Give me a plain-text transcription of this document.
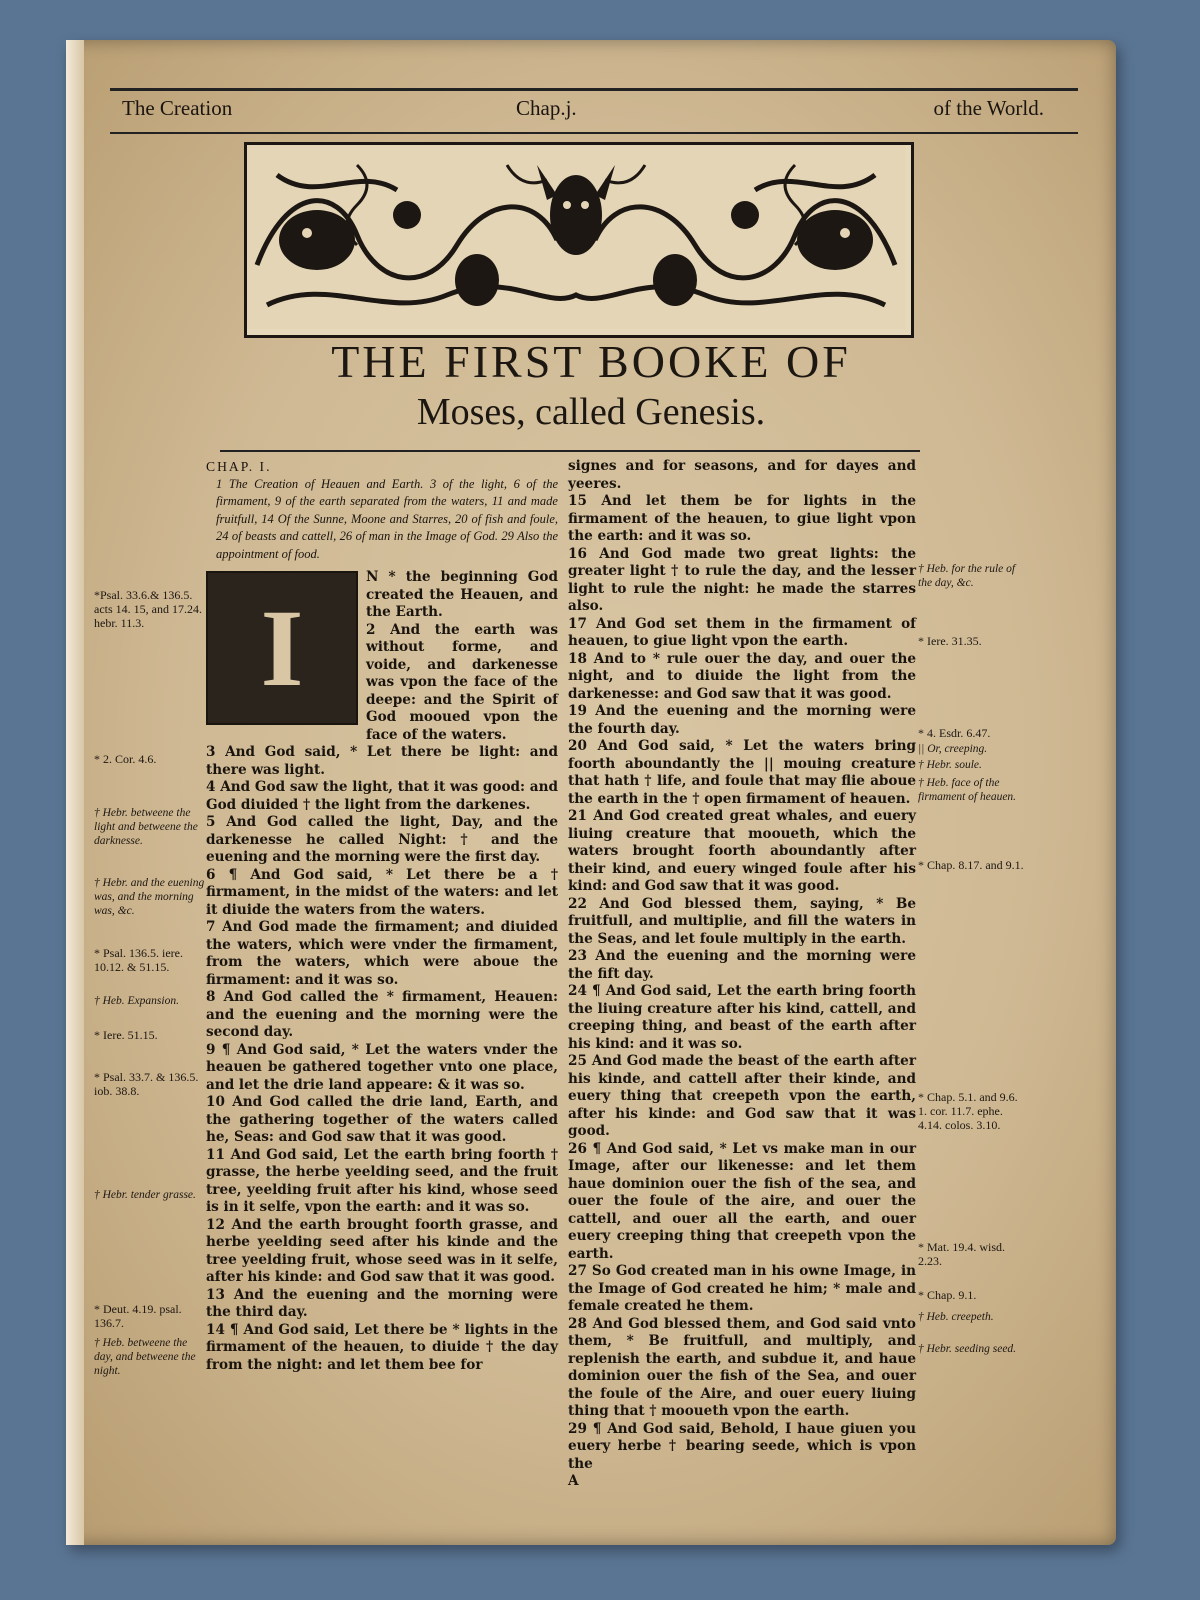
The Creation	Chap.j.	of the World.
THE FIRST BOOKE OF
Moses, called Genesis.

CHAP. I.

1 The Creation of Heauen and Earth. 3 of the light, 6 of the firmament, 9 of the earth separated from the waters, 11 and made fruitfull, 14 Of the Sunne, Moone and Starres, 20 of fish and foule, 24 of beasts and cattell, 26 of man in the Image of God. 29 Also the appointment of food.

I

N * the beginning God created the Heauen, and the Earth.

2 And the earth was without forme, and voide, and darkenesse was vpon the face of the deepe: and the Spirit of God mooued vpon the face of the waters.

3 And God said, * Let there be light: and there was light.

4 And God saw the light, that it was good: and God diuided † the light from the darkenes.

5 And God called the light, Day, and the darkenesse he called Night: † and the euening and the morning were the first day.

6 ¶ And God said, * Let there be a † firmament, in the midst of the waters: and let it diuide the waters from the waters.

7 And God made the firmament; and diuided the waters, which were vnder the firmament, from the waters, which were aboue the firmament: and it was so.

8 And God called the * firmament, Heauen: and the euening and the morning were the second day.

9 ¶ And God said, * Let the waters vnder the heauen be gathered together vnto one place, and let the drie land appeare: & it was so.

10 And God called the drie land, Earth, and the gathering together of the waters called he, Seas: and God saw that it was good.

11 And God said, Let the earth bring foorth † grasse, the herbe yeelding seed, and the fruit tree, yeelding fruit after his kind, whose seed is in it selfe, vpon the earth: and it was so.

12 And the earth brought foorth grasse, and herbe yeelding seed after his kinde and the tree yeelding fruit, whose seed was in it selfe, after his kinde: and God saw that it was good.

13 And the euening and the morning were the third day.

14 ¶ And God said, Let there be * lights in the firmament of the heauen, to diuide † the day from the night: and let them bee for

signes and for seasons, and for dayes and yeeres.

15 And let them be for lights in the firmament of the heauen, to giue light vpon the earth: and it was so.

16 And God made two great lights: the greater light † to rule the day, and the lesser light to rule the night: he made the starres also.

17 And God set them in the firmament of heauen, to giue light vpon the earth.

18 And to * rule ouer the day, and ouer the night, and to diuide the light from the darkenesse: and God saw that it was good.

19 And the euening and the morning were the fourth day.

20 And God said, * Let the waters bring foorth aboundantly the || mouing creature that hath † life, and foule that may flie aboue the earth in the † open firmament of heauen.

21 And God created great whales, and euery liuing creature that mooueth, which the waters brought foorth aboundantly after their kind, and euery winged foule after his kind: and God saw that it was good.

22 And God blessed them, saying, * Be fruitfull, and multiplie, and fill the waters in the Seas, and let foule multiply in the earth.

23 And the euening and the morning were the fift day.

24 ¶ And God said, Let the earth bring foorth the liuing creature after his kind, cattell, and creeping thing, and beast of the earth after his kind: and it was so.

25 And God made the beast of the earth after his kinde, and cattell after their kinde, and euery thing that creepeth vpon the earth, after his kinde: and God saw that it was good.

26 ¶ And God said, * Let vs make man in our Image, after our likenesse: and let them haue dominion ouer the fish of the sea, and ouer the foule of the aire, and ouer the cattell, and ouer all the earth, and ouer euery creeping thing that creepeth vpon the earth.

27 So God created man in his owne Image, in the Image of God created he him; * male and female created he them.

28 And God blessed them, and God said vnto them, * Be fruitfull, and multiply, and replenish the earth, and subdue it, and haue dominion ouer the fish of the Sea, and ouer the foule of the Aire, and ouer euery liuing thing that † mooueth vpon the earth.

29 ¶ And God said, Behold, I haue giuen you euery herbe † bearing seede, which is vpon the

A

*Psal. 33.6.& 136.5. acts 14. 15, and 17.24. hebr. 11.3.
* 2. Cor. 4.6.
† Hebr. betweene the light and betweene the darknesse.
† Hebr. and the euening was, and the morning was, &c.
* Psal. 136.5. iere. 10.12. & 51.15.
† Heb. Expansion.
* Iere. 51.15.
* Psal. 33.7. & 136.5. iob. 38.8.
† Hebr. tender grasse.
* Deut. 4.19. psal. 136.7.
† Heb. betweene the day, and betweene the night.
† Heb. for the rule of the day, &c.
* Iere. 31.35.
* 4. Esdr. 6.47.
|| Or, creeping.
† Hebr. soule.
† Heb. face of the firmament of heauen.
* Chap. 8.17. and 9.1.
* Chap. 5.1. and 9.6. 1. cor. 11.7. ephe. 4.14. colos. 3.10.
* Mat. 19.4. wisd. 2.23.
* Chap. 9.1.
† Heb. creepeth.
† Hebr. seeding seed.
